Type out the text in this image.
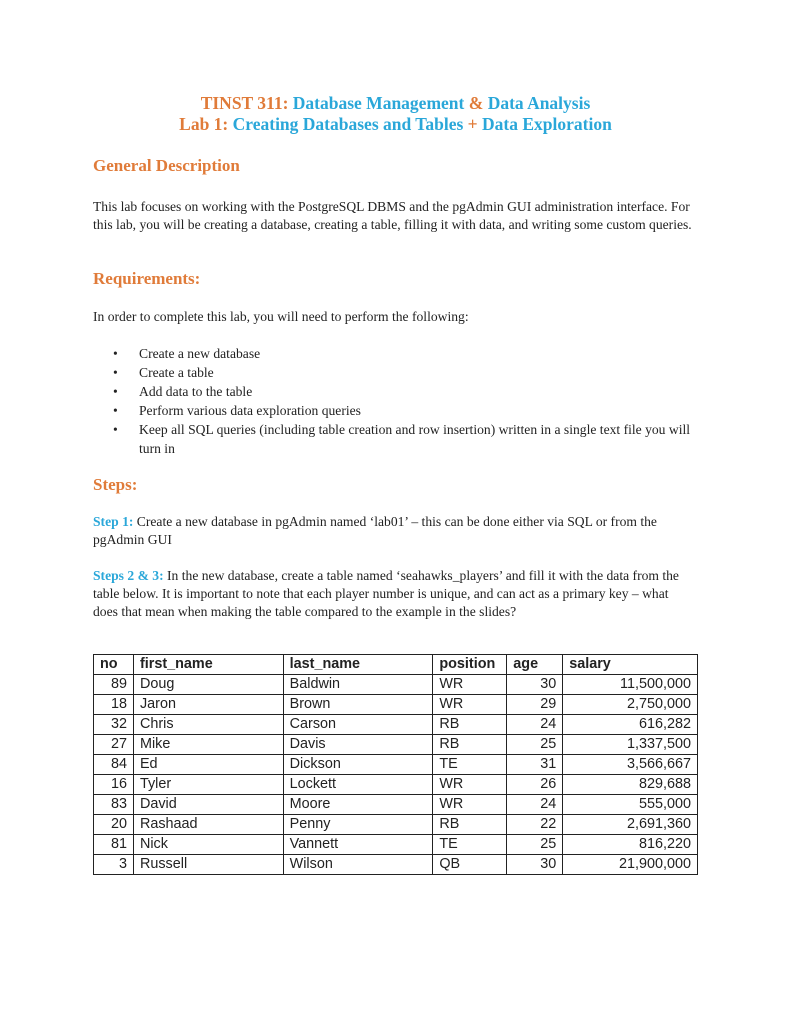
TINST 311: Database Management & Data Analysis
Lab 1: Creating Databases and Tables + Data Exploration
General Description

This lab focuses on working with the PostgreSQL DBMS and the pgAdmin GUI administration interface. For this lab, you will be creating a database, creating a table, filling it with data, and writing some custom queries.

Requirements:

In order to complete this lab, you will need to perform the following:

• Create a new database
• Create a table
• Add data to the table
• Perform various data exploration queries
• Keep all SQL queries (including table creation and row insertion) written in a single text file you will turn in
Steps:

Step 1: Create a new database in pgAdmin named ‘lab01’ – this can be done either via SQL or from the pgAdmin GUI

Steps 2 & 3: In the new database, create a table named ‘seahawks_players’ and fill it with the data from the table below. It is important to note that each player number is unique, and can act as a primary key – what does that mean when making the table compared to the example in the slides?

no	first_name	last_name	position	age	salary
89	Doug	Baldwin	WR	30	11,500,000
18	Jaron	Brown	WR	29	2,750,000
32	Chris	Carson	RB	24	616,282
27	Mike	Davis	RB	25	1,337,500
84	Ed	Dickson	TE	31	3,566,667
16	Tyler	Lockett	WR	26	829,688
83	David	Moore	WR	24	555,000
20	Rashaad	Penny	RB	22	2,691,360
81	Nick	Vannett	TE	25	816,220
3	Russell	Wilson	QB	30	21,900,000
